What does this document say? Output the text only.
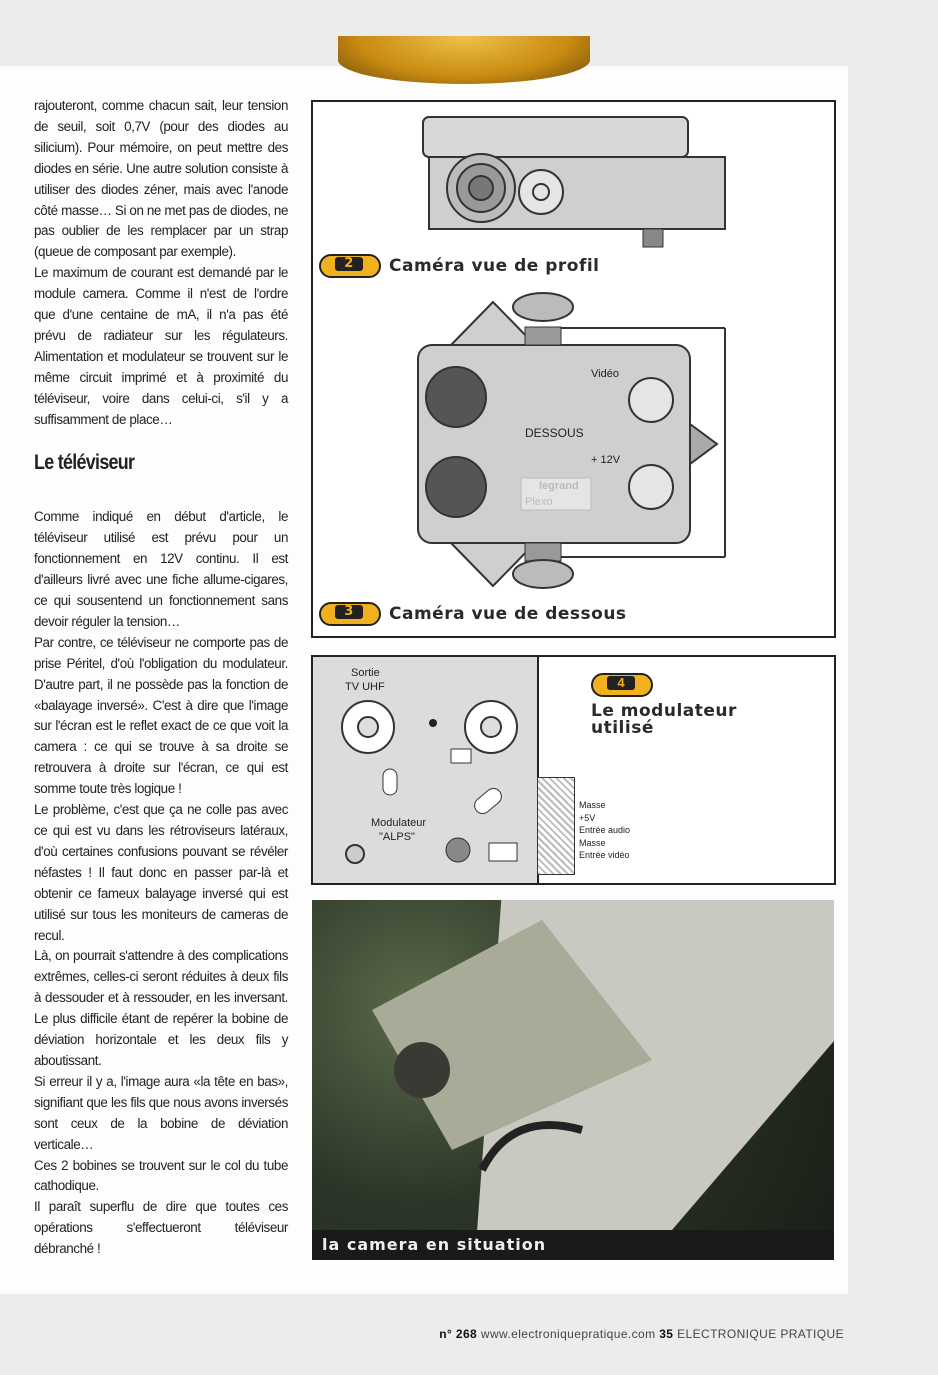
rajouteront, comme chacun sait, leur tension de seuil, soit 0,7V (pour des diodes au silicium). Pour mémoire, on peut mettre des diodes en série. Une autre solution consiste à utiliser des diodes zéner, mais avec l'anode côté masse… Si on ne met pas de diodes, ne pas oublier de les remplacer par un strap (queue de composant par exemple).

Le maximum de courant est demandé par le module camera. Comme il n'est de l'ordre que d'une centaine de mA, il n'a pas été prévu de radiateur sur les régulateurs. Alimentation et modulateur se trouvent sur le même circuit imprimé et à proximité du téléviseur, voire dans celui-ci, s'il y a suffisamment de place…

Le téléviseur

Comme indiqué en début d'article, le téléviseur utilisé est prévu pour un fonctionnement en 12V continu. Il est d'ailleurs livré avec une fiche allume-cigares, ce qui sousentend un fonctionnement sans devoir réguler la tension…

Par contre, ce téléviseur ne comporte pas de prise Péritel, d'où l'obligation du modulateur. D'autre part, il ne possède pas la fonction de «balayage inversé». C'est à dire que l'image sur l'écran est le reflet exact de ce que voit la camera : ce qui se trouve à sa droite se retrouvera à droite sur l'écran, ce qui est somme toute très logique !

Le problème, c'est que ça ne colle pas avec ce qui est vu dans les rétroviseurs latéraux, d'où certaines confusions pouvant se révéler néfastes ! Il faut donc en passer par-là et obtenir ce fameux balayage inversé qui est utilisé sur tous les moniteurs de cameras de recul.

Là, on pourrait s'attendre à des complications extrêmes, celles-ci seront réduites à deux fils à dessouder et à ressouder, en les inversant. Le plus difficile étant de repérer la bobine de déviation horizontale et les deux fils y aboutissant.

Si erreur il y a, l'image aura «la tête en bas», signifiant que les fils que nous avons inversés sont ceux de la bobine de déviation verticale…

Ces 2 bobines se trouvent sur le col du tube cathodique.

Il paraît superflu de dire que toutes ces opérations s'effectueront téléviseur débranché !

Vidéo
DESSOUS
+ 12V
legrand
Plexo
2	Caméra vue de profil
3	Caméra vue de dessous
Sortie
TV UHF
Modulateur
"ALPS"
Masse
+5V
Entrée audio
Masse
Entrée vidéo
4
Le modulateur
utilisé
la camera en situation
n° 268 www.electroniquepratique.com 35 ELECTRONIQUE PRATIQUE
